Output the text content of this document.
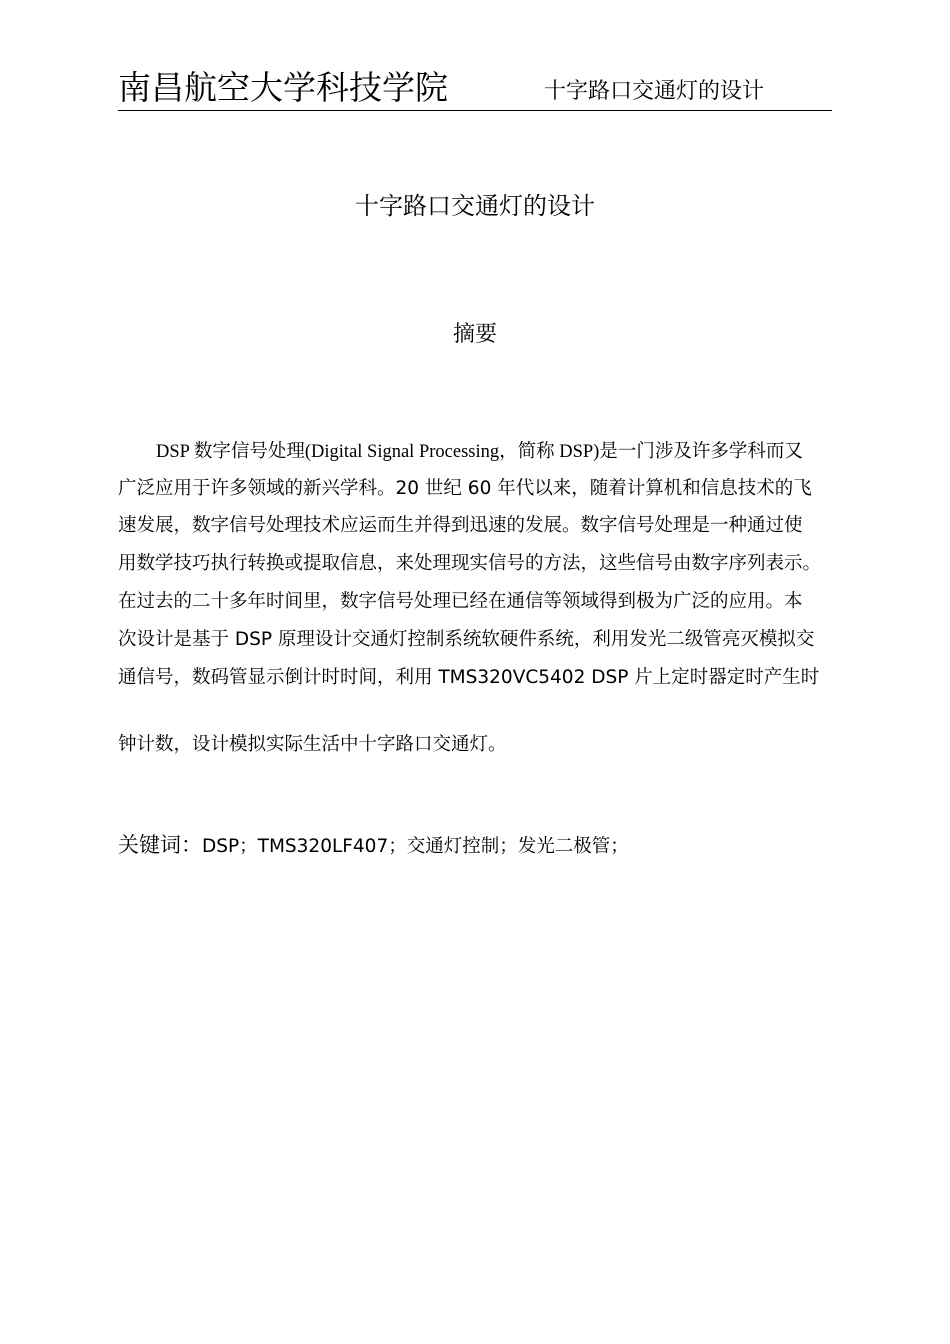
南昌航空大学科技学院	十字路口交通灯的设计
十字路口交通灯的设计
摘要
DSP 数字信号处理(Digital Signal Processing，简称 DSP)是一门涉及许多学科而又
广泛应用于许多领域的新兴学科。20 世纪 60 年代以来，随着计算机和信息技术的飞
速发展，数字信号处理技术应运而生并得到迅速的发展。数字信号处理是一种通过使
用数学技巧执行转换或提取信息，来处理现实信号的方法，这些信号由数字序列表示。
在过去的二十多年时间里，数字信号处理已经在通信等领域得到极为广泛的应用。本
次设计是基于 DSP 原理设计交通灯控制系统软硬件系统，利用发光二级管亮灭模拟交
通信号，数码管显示倒计时时间，利用 TMS320VC5402 DSP 片上定时器定时产生时
钟计数，设计模拟实际生活中十字路口交通灯。
关键词：DSP；TMS320LF407；交通灯控制；发光二极管；
